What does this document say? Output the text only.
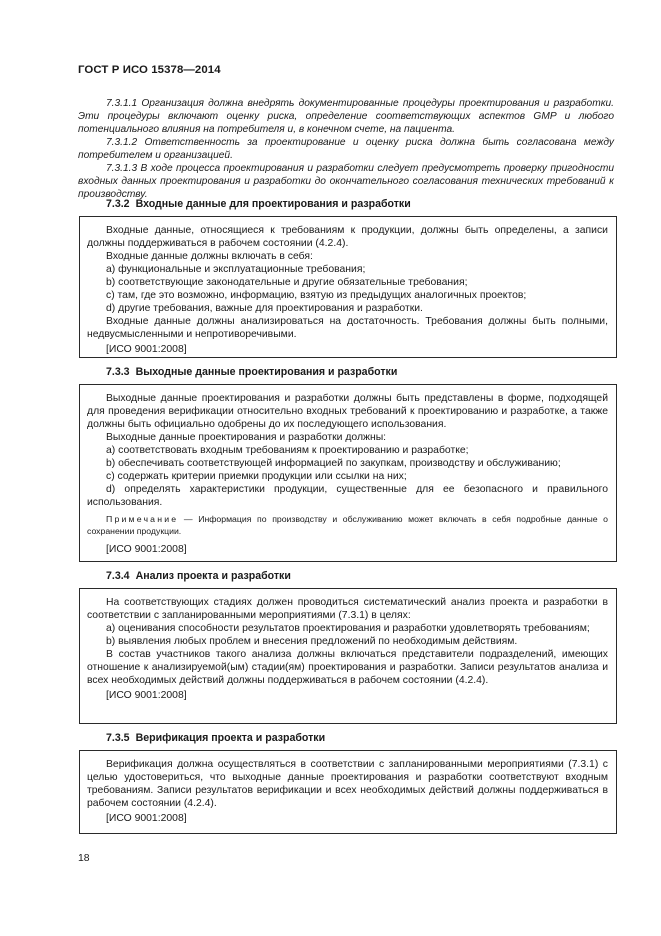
ГОСТ Р ИСО 15378—2014

7.3.1.1 Организация должна внедрять документированные процедуры проектирования и разработки. Эти процедуры включают оценку риска, определение соответствующих аспектов GMP и любого потенциального влияния на потребителя и, в конечном счете, на пациента.

7.3.1.2 Ответственность за проектирование и оценку риска должна быть согласована между потребителем и организацией.

7.3.1.3 В ходе процесса проектирования и разработки следует предусмотреть проверку пригодности входных данных проектирования и разработки до окончательного согласования технических требований к производству.

7.3.2 Входные данные для проектирования и разработки

Входные данные, относящиеся к требованиям к продукции, должны быть определены, а записи должны поддерживаться в рабочем состоянии (4.2.4).

Входные данные должны включать в себя:

a) функциональные и эксплуатационные требования;

b) соответствующие законодательные и другие обязательные требования;

c) там, где это возможно, информацию, взятую из предыдущих аналогичных проектов;

d) другие требования, важные для проектирования и разработки.

Входные данные должны анализироваться на достаточность. Требования должны быть полными, недвусмысленными и непротиворечивыми.

[ИСО 9001:2008]

7.3.3 Выходные данные проектирования и разработки

Выходные данные проектирования и разработки должны быть представлены в форме, подходящей для проведения верификации относительно входных требований к проектированию и разработке, а также должны быть официально одобрены до их последующего использования.

Выходные данные проектирования и разработки должны:

a) соответствовать входным требованиям к проектированию и разработке;

b) обеспечивать соответствующей информацией по закупкам, производству и обслуживанию;

c) содержать критерии приемки продукции или ссылки на них;

d) определять характеристики продукции, существенные для ее безопасного и правильного использования.

Примечание — Информация по производству и обслуживанию может включать в себя подробные данные о сохранении продукции.

[ИСО 9001:2008]

7.3.4 Анализ проекта и разработки

На соответствующих стадиях должен проводиться систематический анализ проекта и разработки в соответствии с запланированными мероприятиями (7.3.1) в целях:

a) оценивания способности результатов проектирования и разработки удовлетворять требованиям;

b) выявления любых проблем и внесения предложений по необходимым действиям.

В состав участников такого анализа должны включаться представители подразделений, имеющих отношение к анализируемой(ым) стадии(ям) проектирования и разработки. Записи результатов анализа и всех необходимых действий должны поддерживаться в рабочем состоянии (4.2.4).

[ИСО 9001:2008]

7.3.5 Верификация проекта и разработки

Верификация должна осуществляться в соответствии с запланированными мероприятиями (7.3.1) с целью удостовериться, что выходные данные проектирования и разработки соответствуют входным требованиям. Записи результатов верификации и всех необходимых действий должны поддерживаться в рабочем состоянии (4.2.4).

[ИСО 9001:2008]

18
